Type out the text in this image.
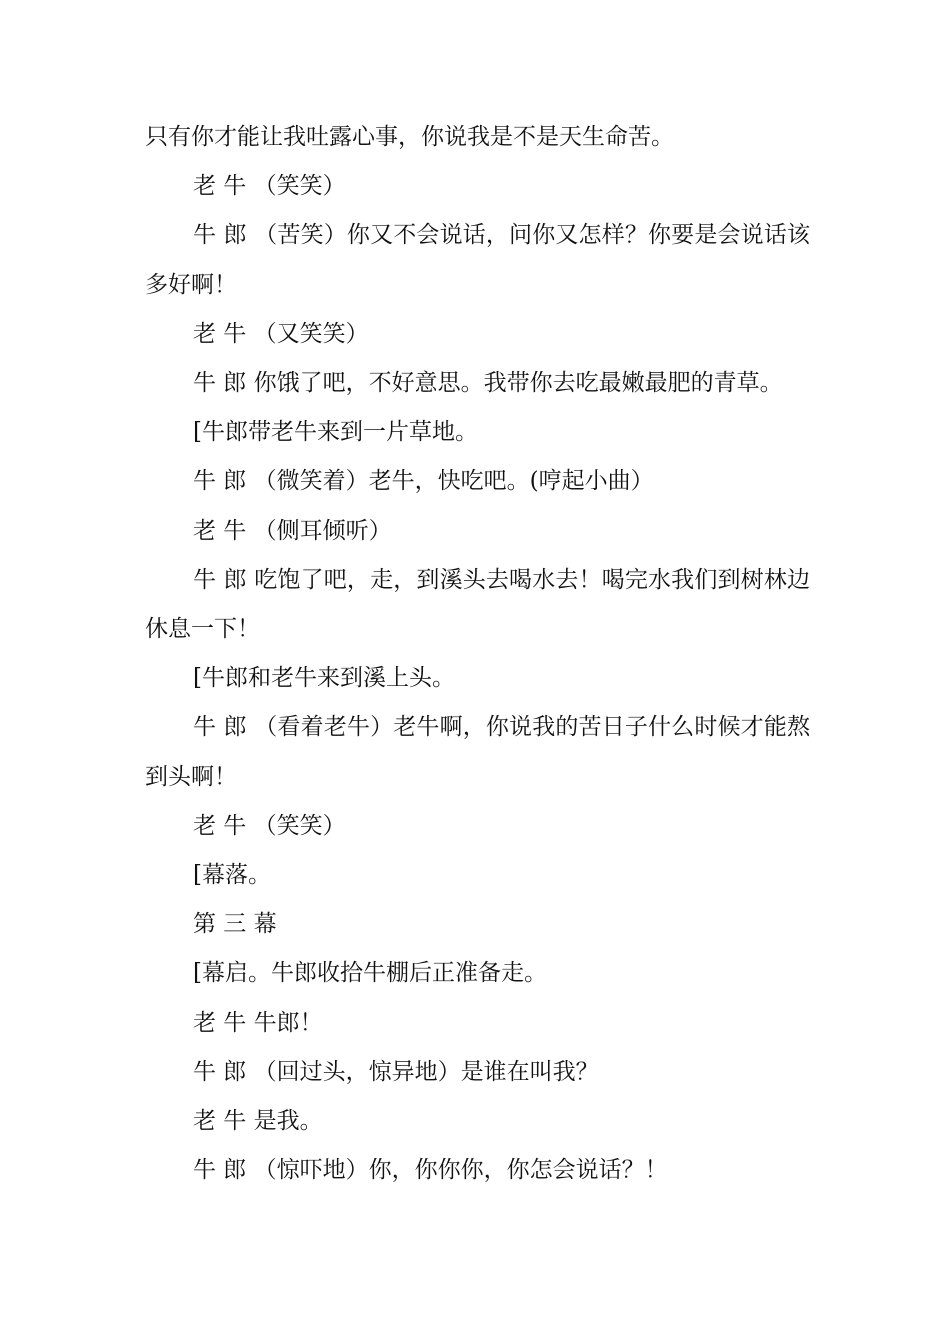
只有你才能让我吐露心事，你说我是不是天生命苦。

老 牛 （笑笑）

牛 郎 （苦笑）你又不会说话，问你又怎样？你要是会说话该多好啊！

老 牛 （又笑笑）

牛 郎 你饿了吧，不好意思。我带你去吃最嫩最肥的青草。

[牛郎带老牛来到一片草地。

牛 郎 （微笑着）老牛，快吃吧。(哼起小曲）

老 牛 （侧耳倾听）

牛 郎 吃饱了吧，走，到溪头去喝水去！喝完水我们到树林边休息一下！

[牛郎和老牛来到溪上头。

牛 郎 （看着老牛）老牛啊，你说我的苦日子什么时候才能熬到头啊！

老 牛 （笑笑）

[幕落。

第 三 幕

[幕启。牛郎收拾牛棚后正准备走。

老 牛 牛郎！

牛 郎 （回过头，惊异地）是谁在叫我？

老 牛 是我。

牛 郎 （惊吓地）你，你你你，你怎会说话？！
